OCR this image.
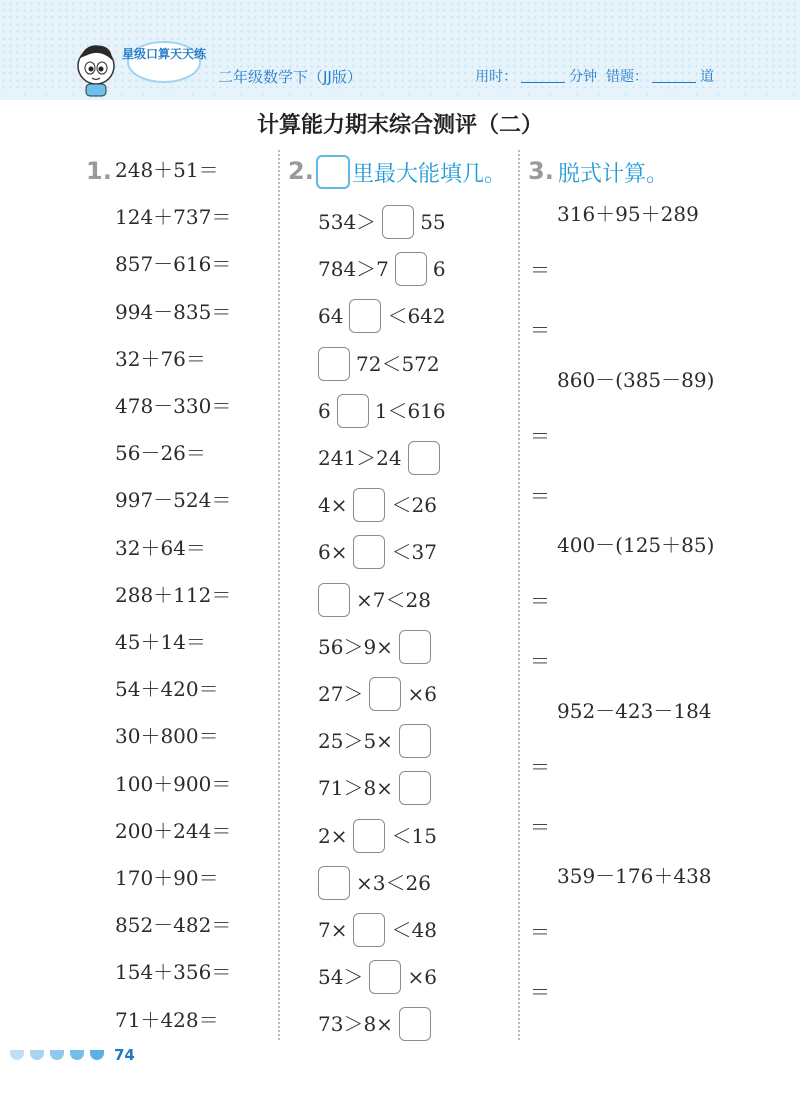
星级口算天天练
二年级数学下（JJ版）	用时：	分钟 错题：	道
计算能力期末综合测评（二）
1. 248＋51＝
124＋737＝
857－616＝
994－835＝
32＋76＝
478－330＝
56－26＝
997－524＝
32＋64＝
288＋112＝
45＋14＝
54＋420＝
30＋800＝
100＋900＝
200＋244＝
170＋90＝
852－482＝
154＋356＝
71＋428＝
2. 里最大能填几。
534＞ 55
784＞7 6
64 ＜642
72＜572
6 1＜616
241＞24
4× ＜26
6× ＜37
×7＜28
56＞9×
27＞ ×6
25＞5×
71＞8×
2× ＜15
×3＜26
7× ＜48
54＞ ×6
73＞8×
3. 脱式计算。
316＋95＋289
＝
＝
860－(385－89)
＝
＝
400－(125＋85)
＝
＝
952－423－184
＝
＝
359－176＋438
＝
＝
74
